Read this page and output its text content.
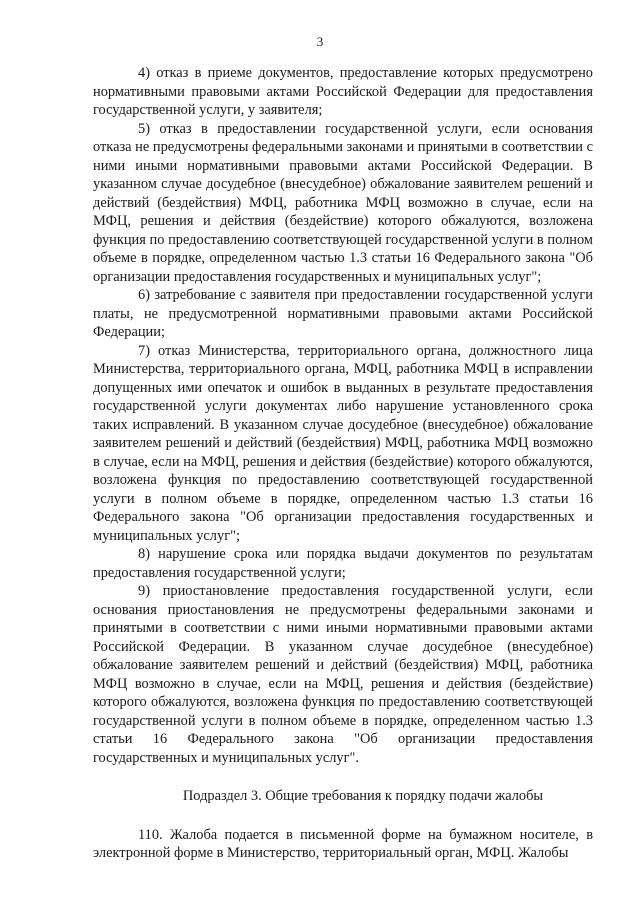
3

4) отказ в приеме документов, предоставление которых предусмотрено нормативными правовыми актами Российской Федерации для предоставления государственной услуги, у заявителя;

5) отказ в предоставлении государственной услуги, если основания отказа не предусмотрены федеральными законами и принятыми в соответствии с ними иными нормативными правовыми актами Российской Федерации. В указанном случае досудебное (внесудебное) обжалование заявителем решений и действий (бездействия) МФЦ, работника МФЦ возможно в случае, если на МФЦ, решения и действия (бездействие) которого обжалуются, возложена функция по предоставлению соответствующей государственной услуги в полном объеме в порядке, определенном частью 1.3 статьи 16 Федерального закона "Об организации предоставления государственных и муниципальных услуг";

6) затребование с заявителя при предоставлении государственной услуги платы, не предусмотренной нормативными правовыми актами Российской Федерации;

7) отказ Министерства, территориального органа, должностного лица Министерства, территориального органа, МФЦ, работника МФЦ в исправлении допущенных ими опечаток и ошибок в выданных в результате предоставления государственной услуги документах либо нарушение установленного срока таких исправлений. В указанном случае досудебное (внесудебное) обжалование заявителем решений и действий (бездействия) МФЦ, работника МФЦ возможно в случае, если на МФЦ, решения и действия (бездействие) которого обжалуются, возложена функция по предоставлению соответствующей государственной услуги в полном объеме в порядке, определенном частью 1.3 статьи 16 Федерального закона "Об организации предоставления государственных и муниципальных услуг";

8) нарушение срока или порядка выдачи документов по результатам предоставления государственной услуги;

9) приостановление предоставления государственной услуги, если основания приостановления не предусмотрены федеральными законами и принятыми в соответствии с ними иными нормативными правовыми актами Российской Федерации. В указанном случае досудебное (внесудебное) обжалование заявителем решений и действий (бездействия) МФЦ, работника МФЦ возможно в случае, если на МФЦ, решения и действия (бездействие) которого обжалуются, возложена функция по предоставлению соответствующей государственной услуги в полном объеме в порядке, определенном частью 1.3 статьи 16 Федерального закона "Об организации предоставления государственных и муниципальных услуг".

Подраздел 3. Общие требования к порядку подачи жалобы

110. Жалоба подается в письменной форме на бумажном носителе, в электронной форме в Министерство, территориальный орган, МФЦ. Жалобы
